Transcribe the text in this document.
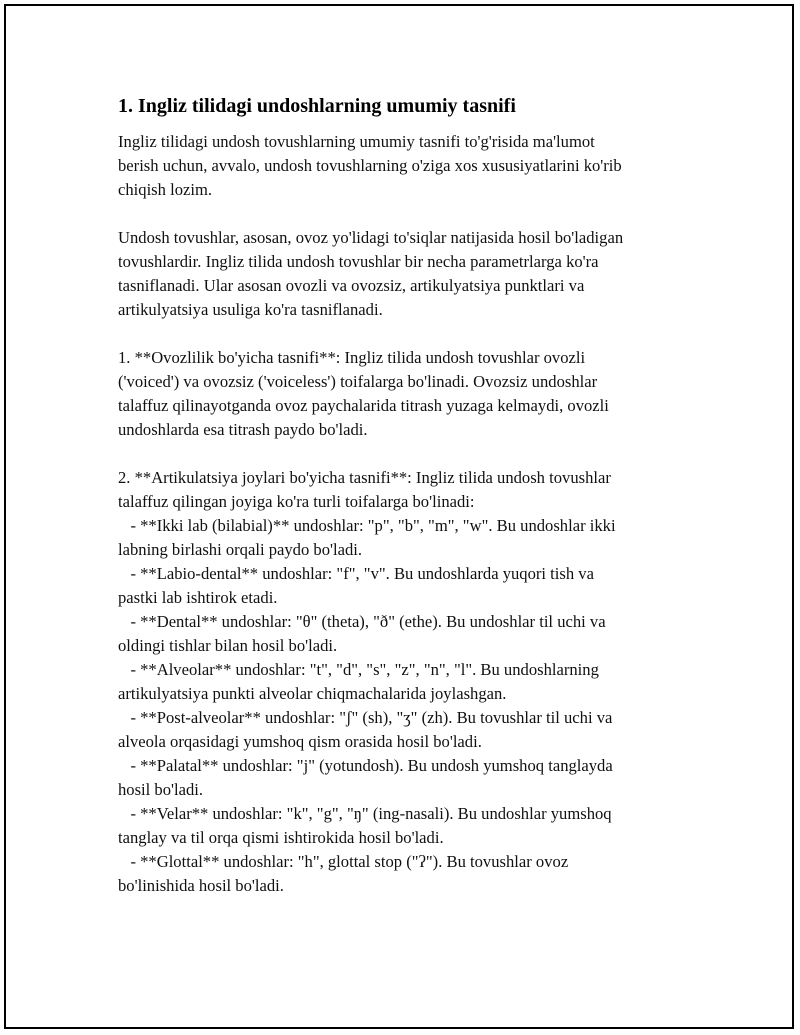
1. Ingliz tilidagi undoshlarning umumiy tasnifi
Ingliz tilidagi undosh tovushlarning umumiy tasnifi to'g'risida ma'lumot
berish uchun, avvalo, undosh tovushlarning o'ziga xos xususiyatlarini ko'rib
chiqish lozim.
Undosh tovushlar, asosan, ovoz yo'lidagi to'siqlar natijasida hosil bo'ladigan
tovushlardir. Ingliz tilida undosh tovushlar bir necha parametrlarga ko'ra
tasniflanadi. Ular asosan ovozli va ovozsiz, artikulyatsiya punktlari va
artikulyatsiya usuliga ko'ra tasniflanadi.
1. **Ovozlilik bo'yicha tasnifi**: Ingliz tilida undosh tovushlar ovozli
('voiced') va ovozsiz ('voiceless') toifalarga bo'linadi. Ovozsiz undoshlar
talaffuz qilinayotganda ovoz paychalarida titrash yuzaga kelmaydi, ovozli
undoshlarda esa titrash paydo bo'ladi.
2. **Artikulatsiya joylari bo'yicha tasnifi**: Ingliz tilida undosh tovushlar
talaffuz qilingan joyiga ko'ra turli toifalarga bo'linadi:
- **Ikki lab (bilabial)** undoshlar: "p", "b", "m", "w". Bu undoshlar ikki
labning birlashi orqali paydo bo'ladi.
- **Labio-dental** undoshlar: "f", "v". Bu undoshlarda yuqori tish va
pastki lab ishtirok etadi.
- **Dental** undoshlar: "θ" (theta), "ð" (ethe). Bu undoshlar til uchi va
oldingi tishlar bilan hosil bo'ladi.
- **Alveolar** undoshlar: "t", "d", "s", "z", "n", "l". Bu undoshlarning
artikulyatsiya punkti alveolar chiqmachalarida joylashgan.
- **Post-alveolar** undoshlar: "ʃ" (sh), "ʒ" (zh). Bu tovushlar til uchi va
alveola orqasidagi yumshoq qism orasida hosil bo'ladi.
- **Palatal** undoshlar: "j" (yotundosh). Bu undosh yumshoq tanglayda
hosil bo'ladi.
- **Velar** undoshlar: "k", "g", "ŋ" (ing-nasali). Bu undoshlar yumshoq
tanglay va til orqa qismi ishtirokida hosil bo'ladi.
- **Glottal** undoshlar: "h", glottal stop ("ʔ"). Bu tovushlar ovoz
bo'linishida hosil bo'ladi.
